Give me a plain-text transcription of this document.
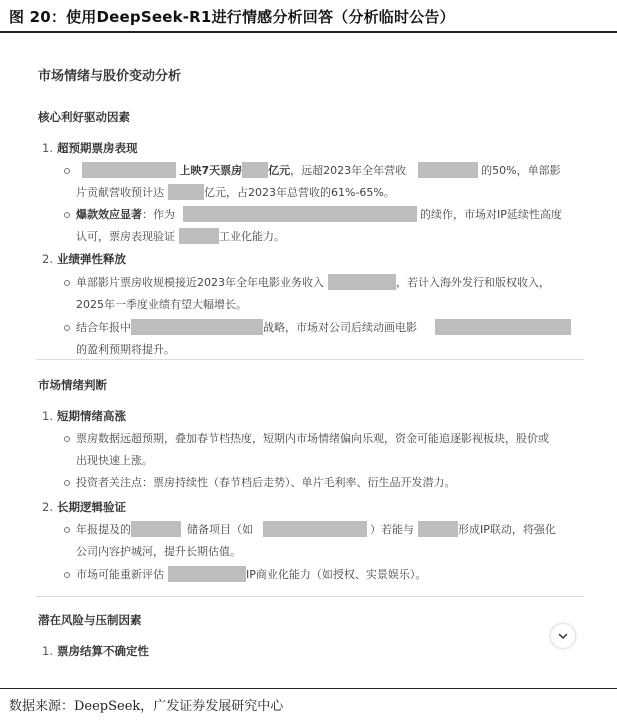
图 20：使用DeepSeek-R1进行情感分析回答（分析临时公告）
市场情绪与股价变动分析
核心利好驱动因素
1. 超预期票房表现
上映7天票房 亿元，远超2023年全年营收	的50%，单部影
片贡献营收预计达	亿元，占2023年总营收的61%-65%。
爆款效应显著：作为	的续作，市场对IP延续性高度
认可，票房表现验证	工业化能力。
2. 业绩弹性释放
单部影片票房收规模接近2023年全年电影业务收入	，若计入海外发行和版权收入，
2025年一季度业绩有望大幅增长。
结合年报中	战略，市场对公司后续动画电影
的盈利预期将提升。
市场情绪判断
1. 短期情绪高涨
票房数据远超预期，叠加春节档热度，短期内市场情绪偏向乐观，资金可能追逐影视板块，股价或
出现快速上涨。
投资者关注点：票房持续性（春节档后走势）、单片毛利率、衍生品开发潜力。
2. 长期逻辑验证
年报提及的	储备项目（如	）若能与	形成IP联动，将强化
公司内容护城河，提升长期估值。
市场可能重新评估	IP商业化能力（如授权、实景娱乐）。
潜在风险与压制因素
1. 票房结算不确定性
数据来源：DeepSeek，广发证券发展研究中心
